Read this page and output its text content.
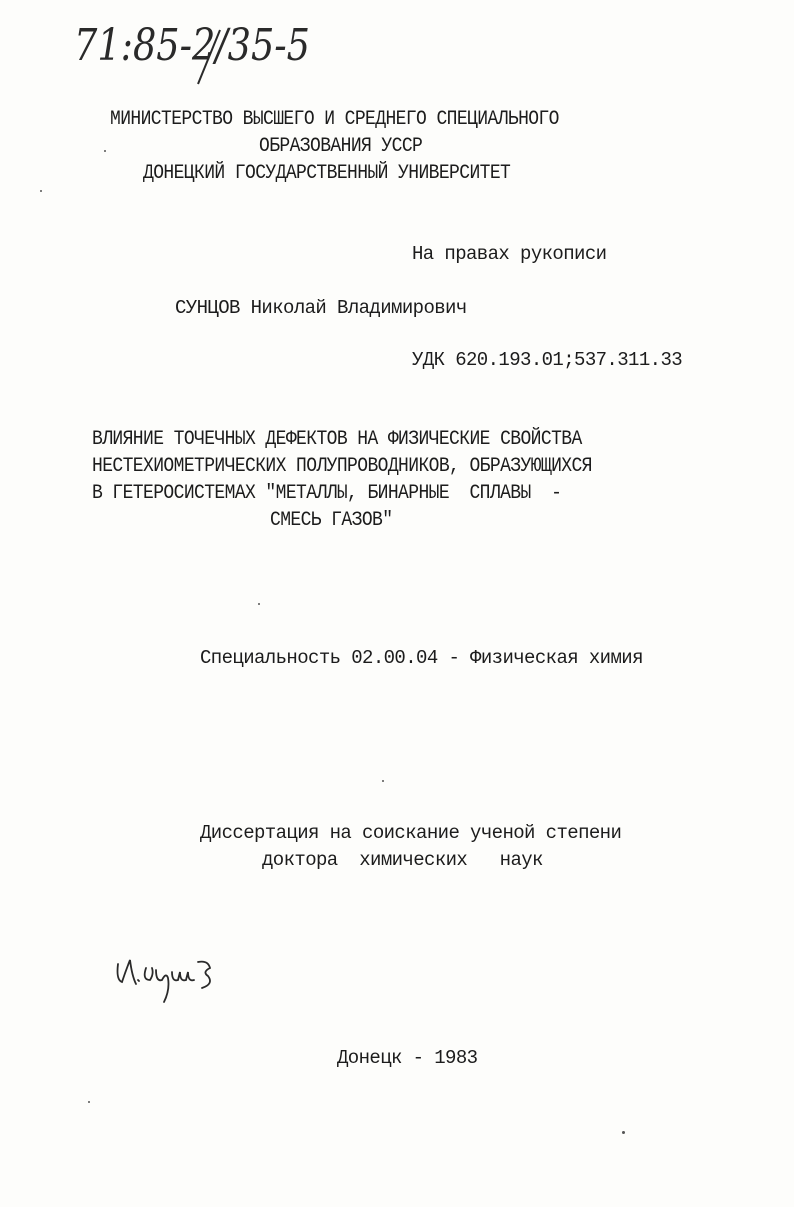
71:85-2/35-5
МИНИСТЕРСТВО ВЫСШЕГО И СРЕДНЕГО СПЕЦИАЛЬНОГО
ОБРАЗОВАНИЯ УССР
ДОНЕЦКИЙ ГОСУДАРСТВЕННЫЙ УНИВЕРСИТЕТ
На правах рукописи
СУНЦОВ Николай Владимирович
УДК 620.193.01;537.311.33
ВЛИЯНИЕ ТОЧЕЧНЫХ ДЕФЕКТОВ НА ФИЗИЧЕСКИЕ СВОЙСТВА
НЕСТЕХИОМЕТРИЧЕСКИХ ПОЛУПРОВОДНИКОВ, ОБРАЗУЮЩИХСЯ
В ГЕТЕРОСИСТЕМАХ "МЕТАЛЛЫ, БИНАРНЫЕ  СПЛАВЫ  -
СМЕСЬ ГАЗОВ"
Специальность 02.00.04 - Физическая химия
Диссертация на соискание ученой степени
доктора  химических   наук
Н.Сунц
Донецк - 1983
